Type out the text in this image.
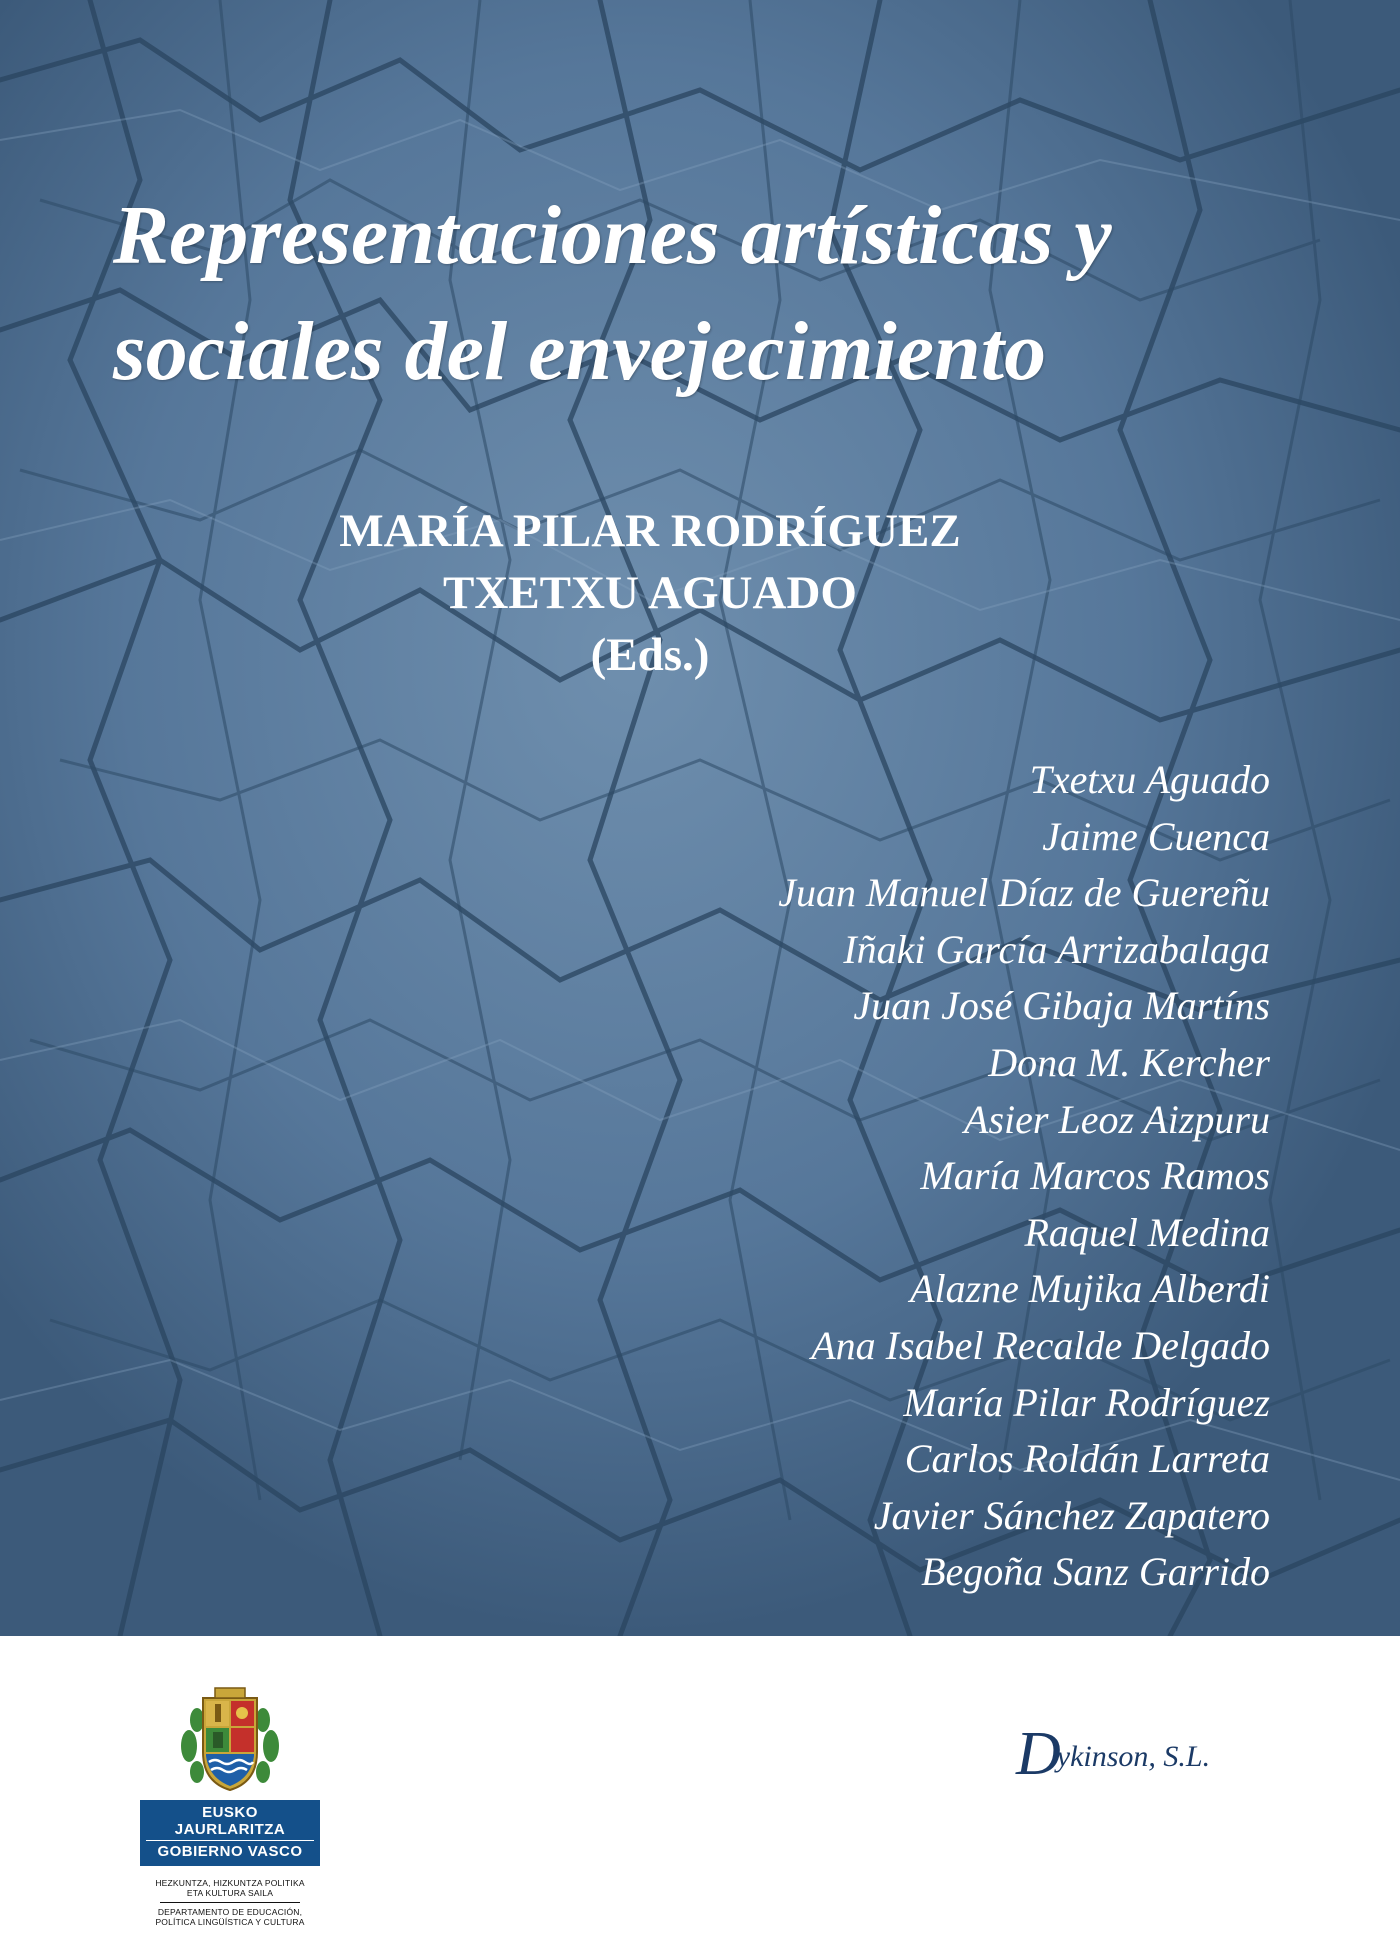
Representaciones artísticas y
sociales del envejecimiento
MARÍA PILAR RODRÍGUEZ
TXETXU AGUADO
(Eds.)
Txetxu Aguado
Jaime Cuenca
Juan Manuel Díaz de Guereñu
Iñaki García Arrizabalaga
Juan José Gibaja Martíns
Dona M. Kercher
Asier Leoz Aizpuru
María Marcos Ramos
Raquel Medina
Alazne Mujika Alberdi
Ana Isabel Recalde Delgado
María Pilar Rodríguez
Carlos Roldán Larreta
Javier Sánchez Zapatero
Begoña Sanz Garrido
EUSKO JAURLARITZA
GOBIERNO VASCO
HEZKUNTZA, HIZKUNTZA POLITIKA
ETA KULTURA SAILA
DEPARTAMENTO DE EDUCACIÓN,
POLÍTICA LINGÜÍSTICA Y CULTURA
Dykinson, S.L.
